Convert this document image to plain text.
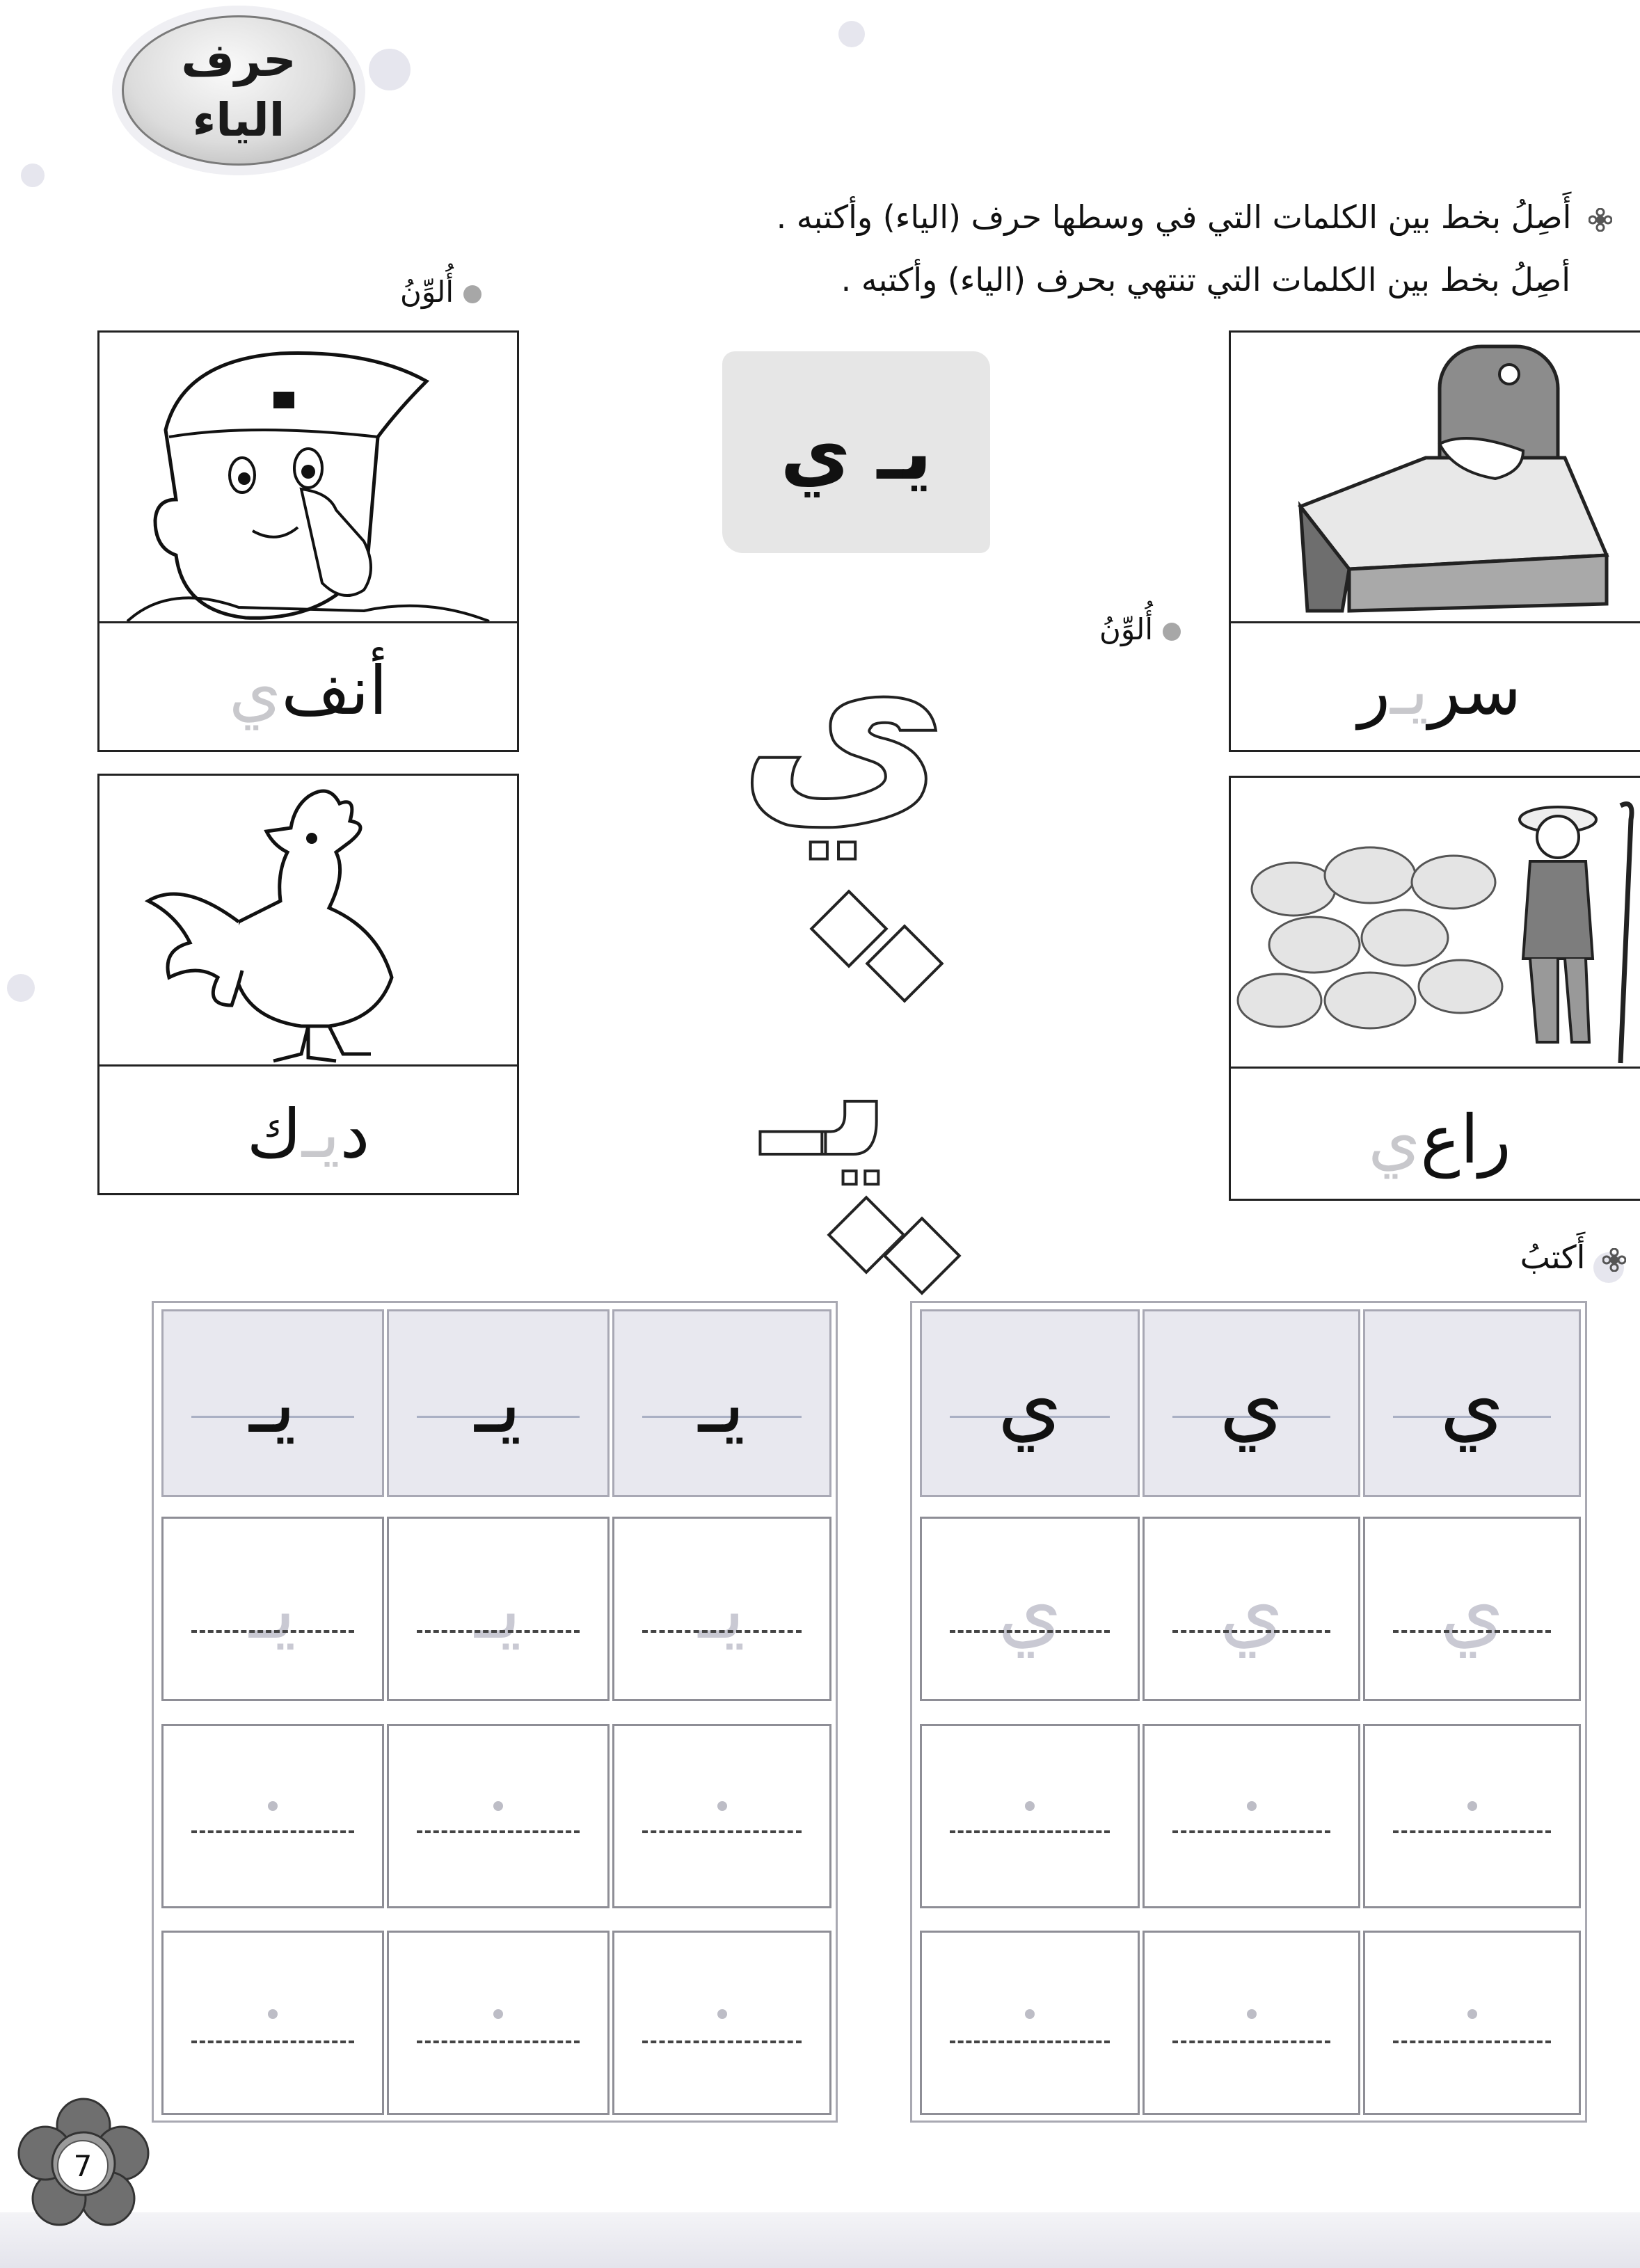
حرف
الياء
أَصِلُ بخط بين الكلمات التي في وسطها حرف (الياء) وأكتبه .
أصِلُ بخط بين الكلمات التي تنتهي بحرف (الياء) وأكتبه .
أُلوِّنُ
أُلوِّنُ
أنف
ي
د
يـ
ك
سر
يـ
ر
راع
ي
يـ ي
ي
يـ
أَكتبُ
يـ	يـ	يـ
يـ	يـ	يـ
ي	ي	ي
ي	ي	ي
7
